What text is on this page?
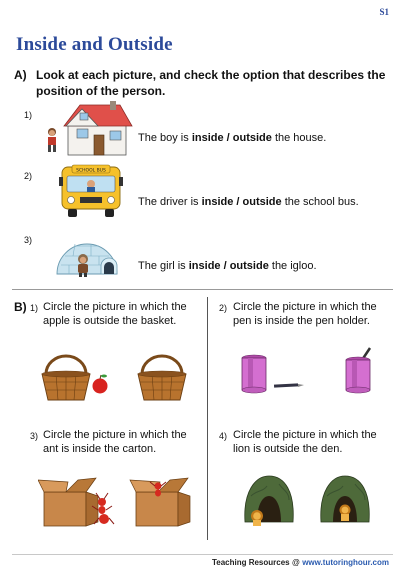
S1
Inside and Outside
A) Look at each picture, and check the option that describes the position of the person.
1)
The boy is inside / outside the house.
2)	SCHOOL BUS
The driver is inside / outside the school bus.
3)
The girl is inside / outside the igloo.
B) 1) Circle the picture in which the apple is outside the basket.
2) Circle the picture in which the pen is inside the pen holder.
3) Circle the picture in which the ant is inside the carton.
4) Circle the picture in which the lion is outside the den.
Teaching Resources @ www.tutoringhour.com
